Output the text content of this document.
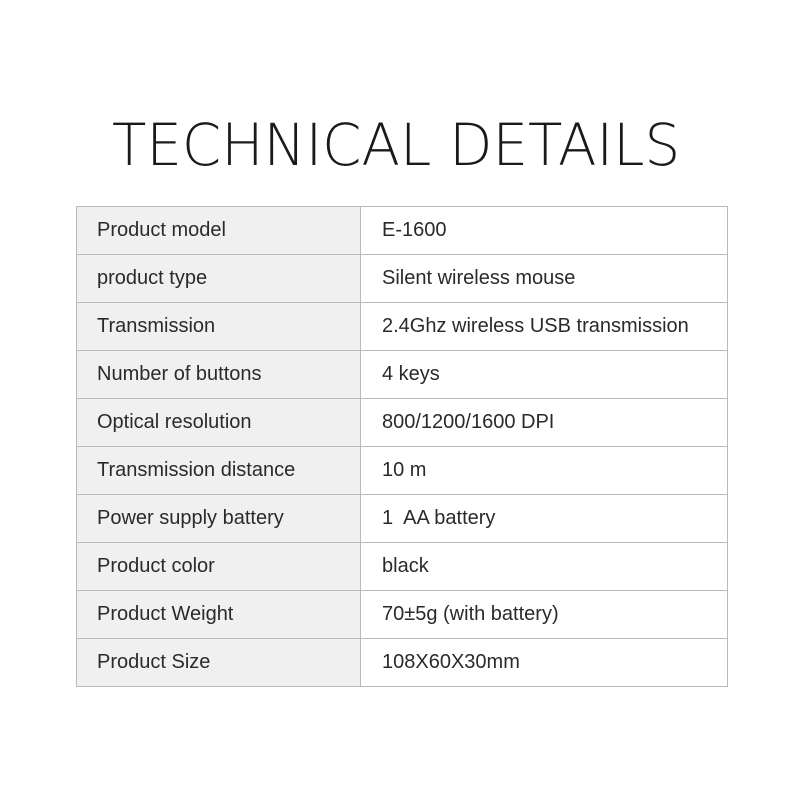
TECHNICAL DETAILS
Product model	E-1600
product type	Silent wireless mouse
Transmission	2.4Ghz wireless USB transmission
Number of buttons	4 keys
Optical resolution	800/1200/1600 DPI
Transmission distance	10 m
Power supply battery	1  AA battery
Product color	black
Product Weight	70±5g (with battery)
Product Size	108X60X30mm
